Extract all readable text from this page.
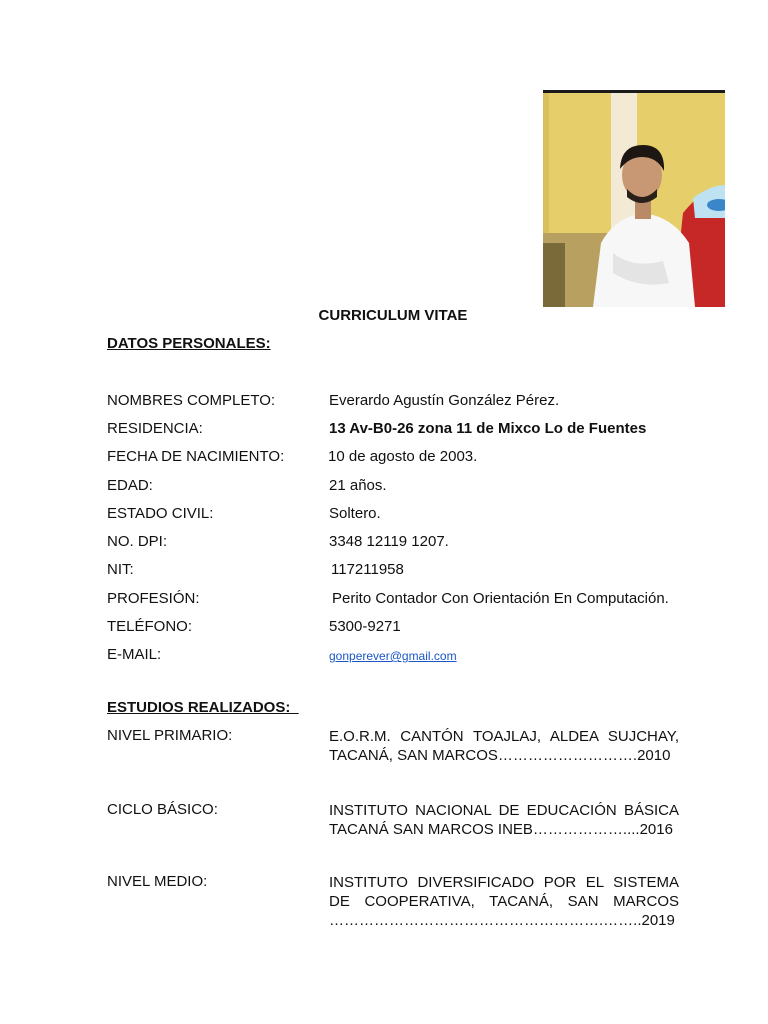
CURRICULUM VITAE
DATOS PERSONALES:
NOMBRES COMPLETO:	Everardo Agustín González Pérez.
RESIDENCIA:	13 Av-B0-26 zona 11 de Mixco Lo de Fuentes
FECHA DE NACIMIENTO:	10 de agosto de 2003.
EDAD:	21 años.
ESTADO CIVIL:	Soltero.
NO. DPI:	3348 12119 1207.
NIT:	117211958
PROFESIÓN:	Perito Contador Con Orientación En Computación.
TELÉFONO:	5300-9271
E-MAIL:	gonperever@gmail.com
ESTUDIOS REALIZADOS:
NIVEL PRIMARIO:	E.O.R.M. CANTÓN TOAJLAJ, ALDEA SUJCHAY, TACANÁ, SAN MARCOS……………………….2010
CICLO BÁSICO:	INSTITUTO NACIONAL DE EDUCACIÓN BÁSICA TACANÁ SAN MARCOS INEB………………....2016
NIVEL MEDIO:	INSTITUTO DIVERSIFICADO POR EL SISTEMA DE COOPERATIVA, TACANÁ, SAN MARCOS ……………………………………………….……..2019
